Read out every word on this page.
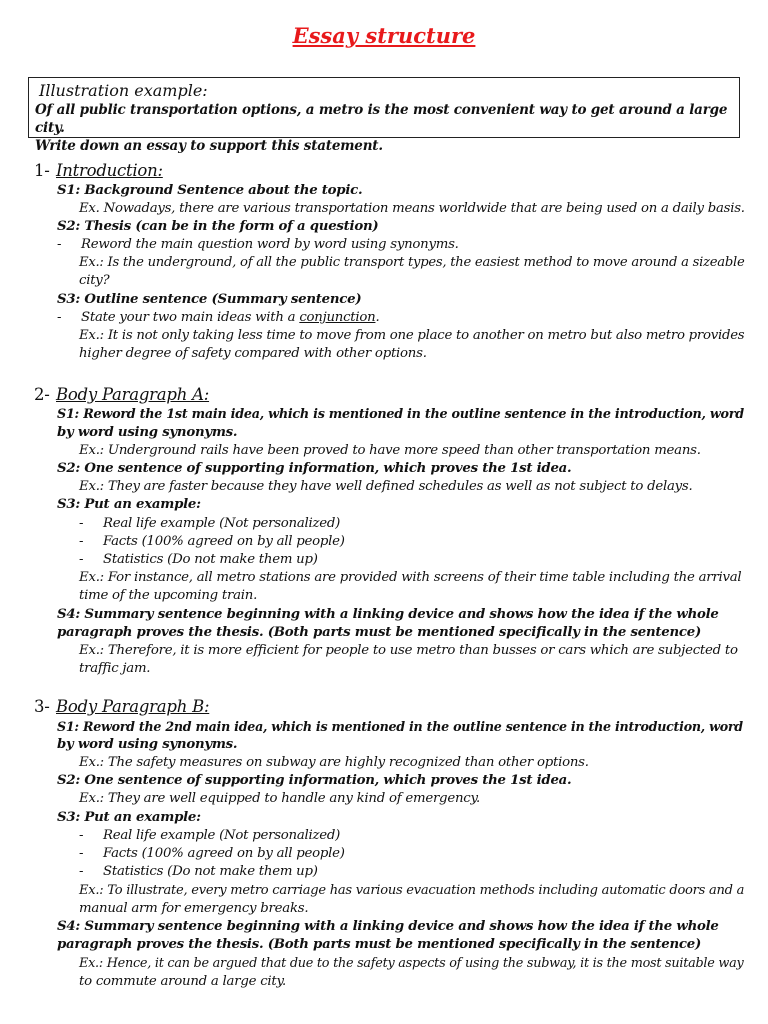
Essay structure
Illustration example:
Of all public transportation options, a metro is the most convenient way to get around a large city.
Write down an essay to support this statement.
1- Introduction:
S1: Background Sentence about the topic.
Ex. Nowadays, there are various transportation means worldwide that are being used on a daily basis.
S2: Thesis (can be in the form of a question)
- Reword the main question word by word using synonyms.
Ex.: Is the underground, of all the public transport types, the easiest method to move around a sizeable
city?
S3: Outline sentence (Summary sentence)
- State your two main ideas with a conjunction.
Ex.: It is not only taking less time to move from one place to another on metro but also metro provides
higher degree of safety compared with other options.
2- Body Paragraph A:
S1: Reword the 1st main idea, which is mentioned in the outline sentence in the introduction, word
by word using synonyms.
Ex.: Underground rails have been proved to have more speed than other transportation means.
S2: One sentence of supporting information, which proves the 1st idea.
Ex.: They are faster because they have well defined schedules as well as not subject to delays.
S3: Put an example:
- Real life example (Not personalized)
- Facts (100% agreed on by all people)
- Statistics (Do not make them up)
Ex.: For instance, all metro stations are provided with screens of their time table including the arrival
time of the upcoming train.
S4: Summary sentence beginning with a linking device and shows how the idea if the whole
paragraph proves the thesis. (Both parts must be mentioned specifically in the sentence)
Ex.: Therefore, it is more efficient for people to use metro than busses or cars which are subjected to
traffic jam.
3- Body Paragraph B:
S1: Reword the 2nd main idea, which is mentioned in the outline sentence in the introduction, word
by word using synonyms.
Ex.: The safety measures on subway are highly recognized than other options.
S2: One sentence of supporting information, which proves the 1st idea.
Ex.: They are well equipped to handle any kind of emergency.
S3: Put an example:
- Real life example (Not personalized)
- Facts (100% agreed on by all people)
- Statistics (Do not make them up)
Ex.: To illustrate, every metro carriage has various evacuation methods including automatic doors and a
manual arm for emergency breaks.
S4: Summary sentence beginning with a linking device and shows how the idea if the whole
paragraph proves the thesis. (Both parts must be mentioned specifically in the sentence)
Ex.: Hence, it can be argued that due to the safety aspects of using the subway, it is the most suitable way
to commute around a large city.
